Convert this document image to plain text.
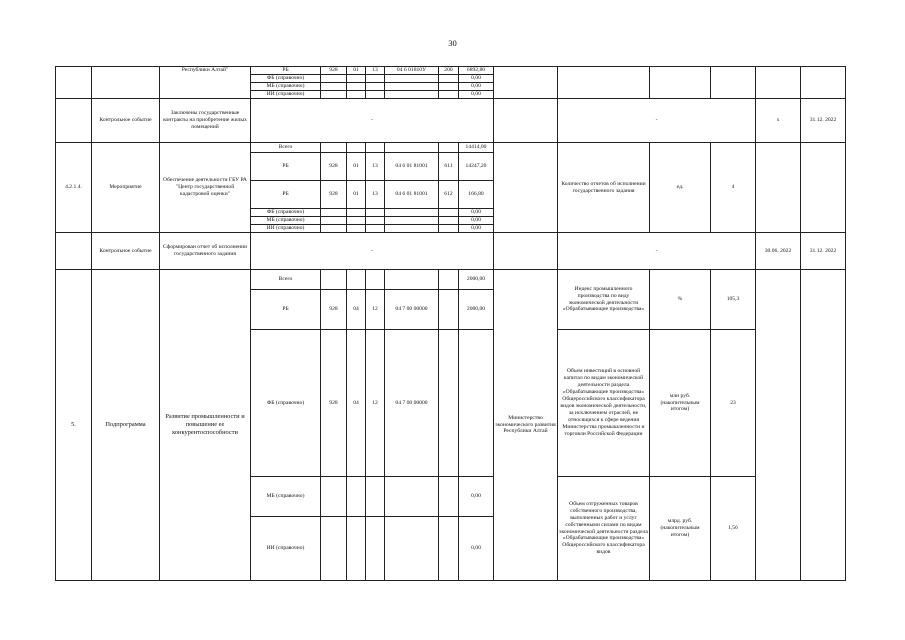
30
		Республики Алтай"	РБ	928	01	13	04 6 01810У	200	6892,80						
			ФБ (справочно)						0,00						
			МБ (справочно)						0,00						
			ИИ (справочно)						0,00						
	Контрольное событие	Заключены государственные контракты на приобретение жилых помещений	-								-			х	31.12. 2022
4.2.1.4.	Мероприятие	Обеспечение деятельности ГБУ РА "Центр государственной кадастровой оценки"	Всего						14414,00		Количество отчетов об исполнении государственного задания	ед.	4		
			РБ	928	01	13	04 6 01 81001	611	14247,20						
			РБ	928	01	13	04 6 01 81001	612	166,80						
			ФБ (справочно)						0,00						
			МБ (справочно)						0,00						
			ИИ (справочно)						0,00						
	Контрольное событие	Сформирован отчет об исполнении государственного задания	-								-			30.06. 2022	31.12. 2022
5.	Подпрограмма	Развитие промышленности и повышение ее конкурентоспособности	Всего						2000,00	Министерство экономического развития Республики Алтай	Индекс промышленного производства по виду экономической деятельности «Обрабатывающие производства»	%	105,3		
			РБ	928	04	12	04 7 00 00000		2000,00						
			ФБ (справочно)	928	04	12	04 7 00 00000				Объем инвестиций в основной капитал по видам экономической деятельности раздела «Обрабатывающие производства» Общероссийского классификатора видов экономической деятельности, за исключением отраслей, не относящихся к сфере ведения Министерства промышленности и торговли Российской Федерации	млн руб. (накопительным итогом)	23		
			МБ (справочно)						0,00		Объем отгруженных товаров собственного производства, выполненных работ и услуг собственными силами по видам экономической деятельности раздела «Обрабатывающие производства» Общероссийского классификатора видов	млрд. руб. (накопительным итогом)	1,56		
			ИИ (справочно)						0,00						
